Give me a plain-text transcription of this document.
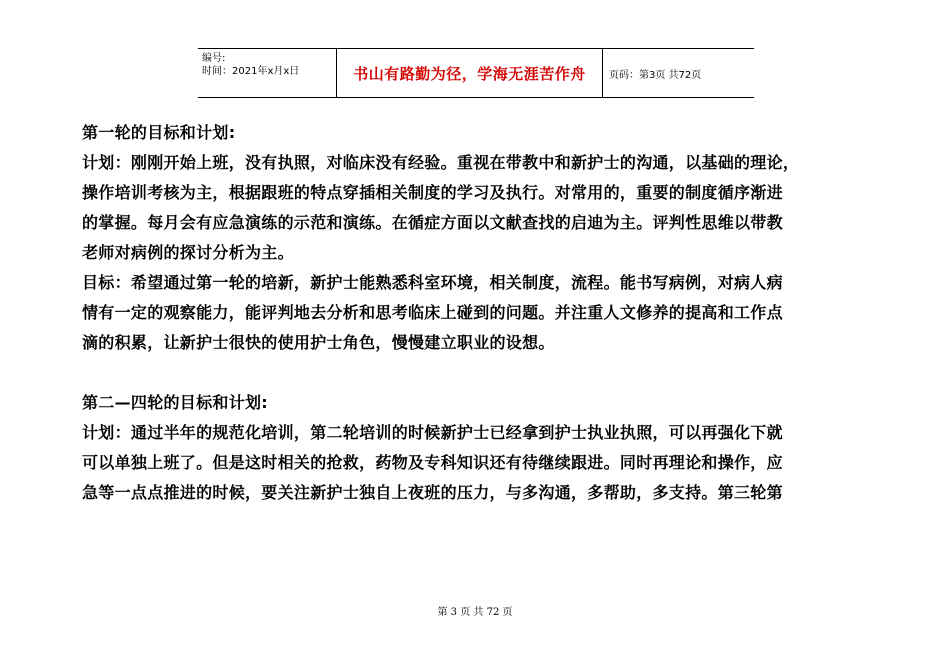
编号:
时间：2021年x月x日	书山有路勤为径，学海无涯苦作舟 页码：第3页 共72页
第一轮的目标和计划:
计划：刚刚开始上班，没有执照，对临床没有经验。重视在带教中和新护士的沟通，以基础的理论，
操作培训考核为主，根据跟班的特点穿插相关制度的学习及执行。对常用的，重要的制度循序渐进
的掌握。每月会有应急演练的示范和演练。在循症方面以文献查找的启迪为主。评判性思维以带教
老师对病例的探讨分析为主。
目标：希望通过第一轮的培新，新护士能熟悉科室环境，相关制度，流程。能书写病例，对病人病
情有一定的观察能力，能评判地去分析和思考临床上碰到的问题。并注重人文修养的提高和工作点
滴的积累，让新护士很快的使用护士角色，慢慢建立职业的设想。
第二—四轮的目标和计划:
计划：通过半年的规范化培训，第二轮培训的时候新护士已经拿到护士执业执照，可以再强化下就
可以单独上班了。但是这时相关的抢救，药物及专科知识还有待继续跟进。同时再理论和操作，应
急等一点点推进的时候，要关注新护士独自上夜班的压力，与多沟通，多帮助，多支持。第三轮第
第 3 页 共 72 页
